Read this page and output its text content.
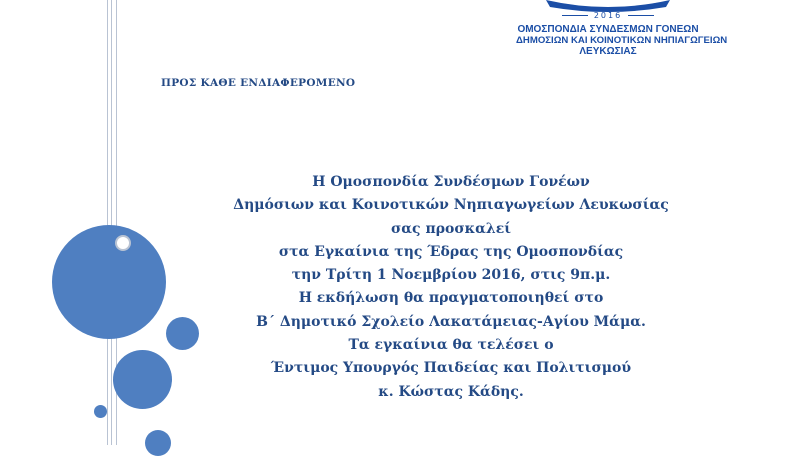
2016
ΟΜΟΣΠΟΝΔΙΑ ΣΥΝΔΕΣΜΩΝ ΓΟΝΕΩΝ
ΔΗΜΟΣΙΩΝ ΚΑΙ ΚΟΙΝΟΤΙΚΩΝ ΝΗΠΙΑΓΩΓΕΙΩΝ
ΛΕΥΚΩΣΙΑΣ
ΠΡΟΣ ΚΑΘΕ ΕΝΔΙΑΦΕΡΟΜΕΝΟ
Η Ομοσπονδία Συνδέσμων Γονέων
Δημόσιων και Κοινοτικών Νηπιαγωγείων Λευκωσίας
σας προσκαλεί
στα Εγκαίνια της Έδρας της Ομοσπονδίας
την Τρίτη 1 Νοεμβρίου 2016, στις 9π.μ.
Η εκδήλωση θα πραγματοποιηθεί στο
Β΄ Δημοτικό Σχολείο Λακατάμειας-Αγίου Μάμα.
Τα εγκαίνια θα τελέσει ο
Έντιμος Υπουργός Παιδείας και Πολιτισμού
κ. Κώστας Κάδης.
